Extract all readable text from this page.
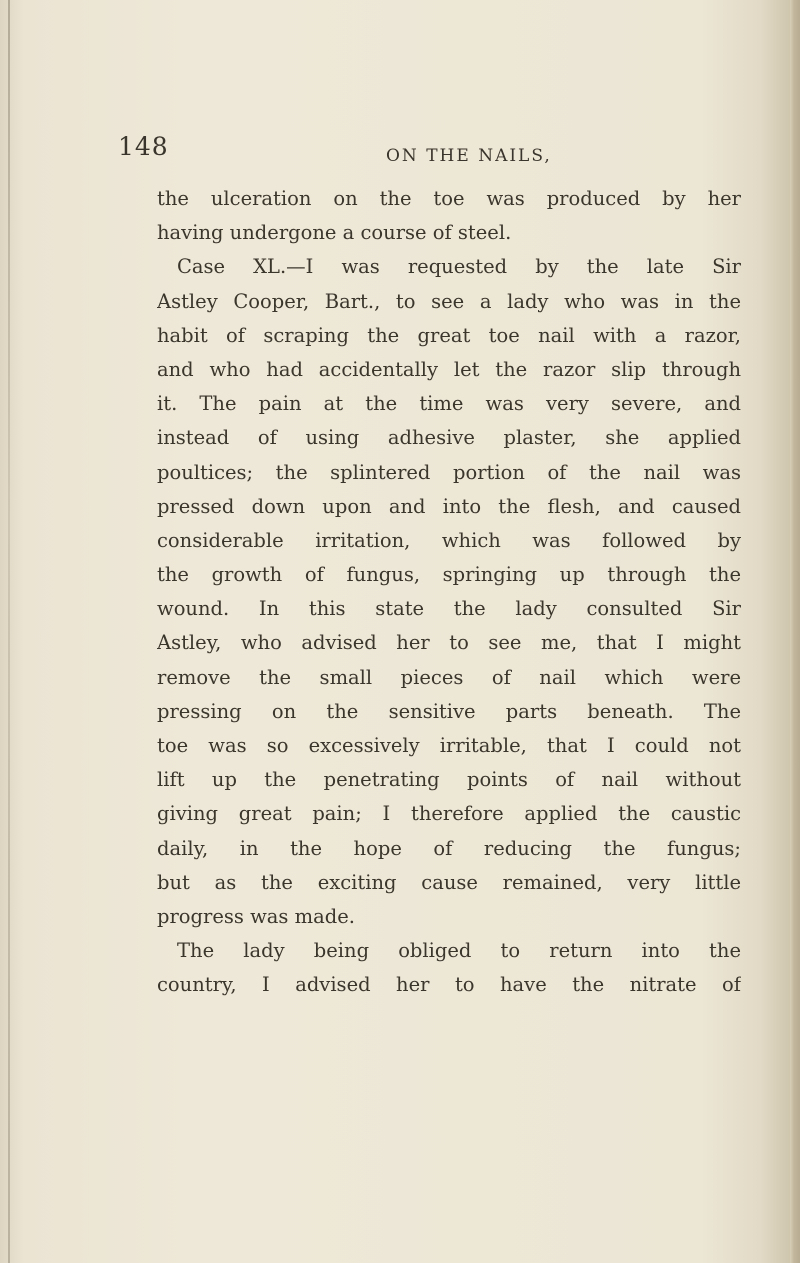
148	ON THE NAILS,
the ulceration on the toe was produced by her
having undergone a course of steel.
Case XL.—I was requested by the late Sir
Astley Cooper, Bart., to see a lady who was in the
habit of scraping the great toe nail with a razor,
and who had accidentally let the razor slip through
it. The pain at the time was very severe, and
instead of using adhesive plaster, she applied
poultices; the splintered portion of the nail was
pressed down upon and into the flesh, and caused
considerable irritation, which was followed by
the growth of fungus, springing up through the
wound. In this state the lady consulted Sir
Astley, who advised her to see me, that I might
remove the small pieces of nail which were
pressing on the sensitive parts beneath. The
toe was so excessively irritable, that I could not
lift up the penetrating points of nail without
giving great pain; I therefore applied the caustic
daily, in the hope of reducing the fungus;
but as the exciting cause remained, very little
progress was made.
The lady being obliged to return into the
country, I advised her to have the nitrate of
